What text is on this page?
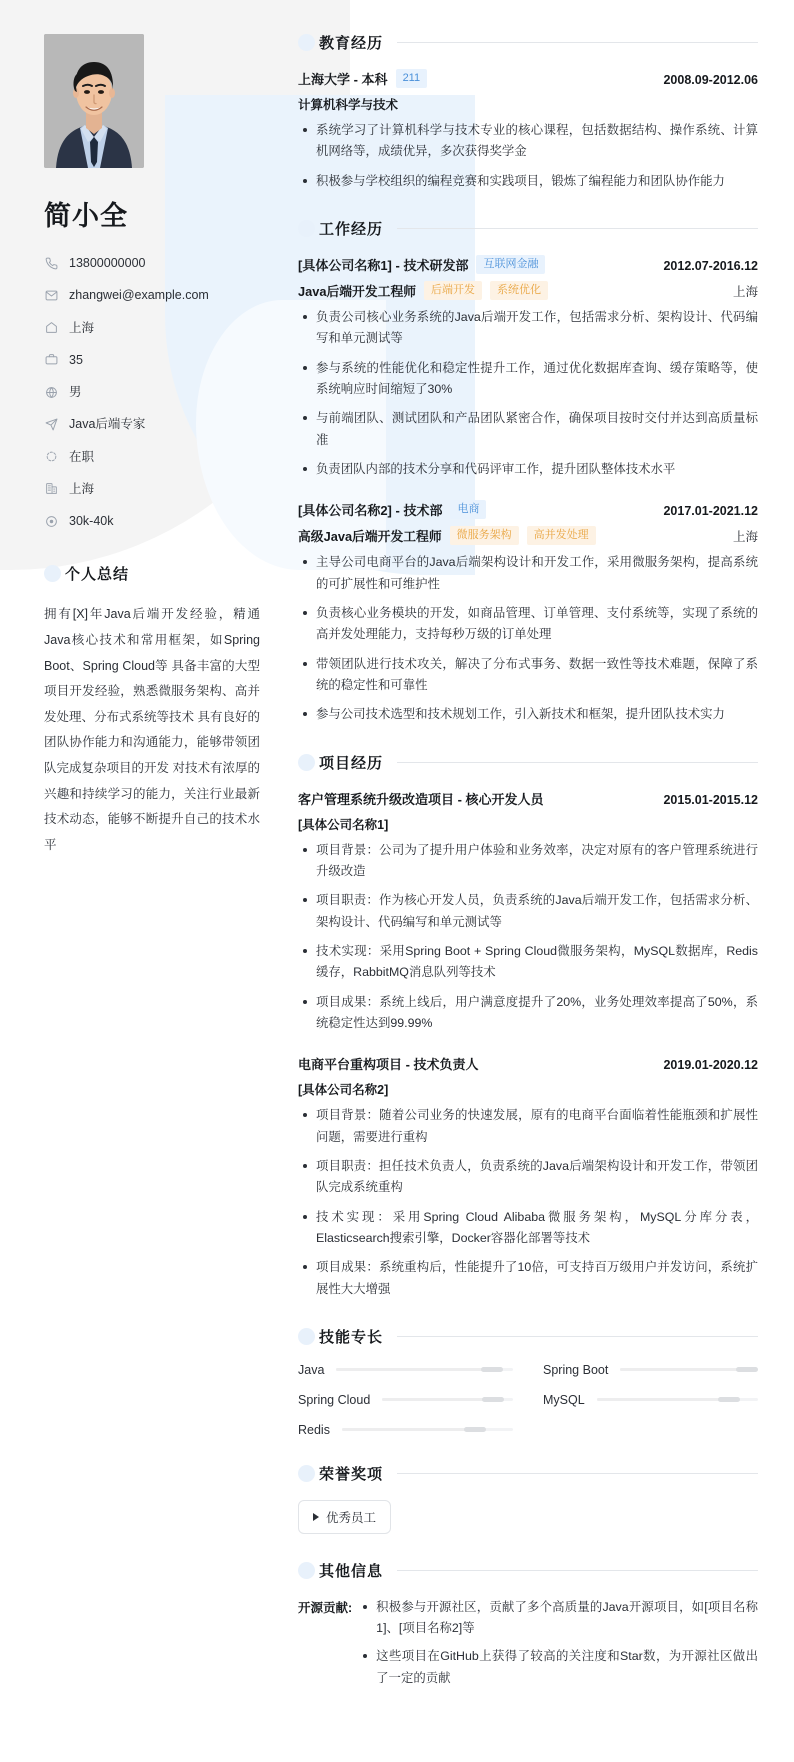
简小全
13800000000
zhangwei@example.com
上海
35
男
Java后端专家
在职
上海
30k-40k
个人总结

拥有[X]年Java后端开发经验，精通Java核心技术和常用框架，如Spring Boot、Spring Cloud等 具备丰富的大型项目开发经验，熟悉微服务架构、高并发处理、分布式系统等技术 具有良好的团队协作能力和沟通能力，能够带领团队完成复杂项目的开发 对技术有浓厚的兴趣和持续学习的能力，关注行业最新技术动态，能够不断提升自己的技术水平

教育经历
上海大学 - 本科	211	2008.09-2012.06
计算机科学与技术
系统学习了计算机科学与技术专业的核心课程，包括数据结构、操作系统、计算机网络等，成绩优异，多次获得奖学金
积极参与学校组织的编程竞赛和实践项目，锻炼了编程能力和团队协作能力
工作经历
[具体公司名称1] - 技术研发部	互联网金融	2012.07-2016.12
Java后端开发工程师	后端开发	系统优化	上海
负责公司核心业务系统的Java后端开发工作，包括需求分析、架构设计、代码编写和单元测试等
参与系统的性能优化和稳定性提升工作，通过优化数据库查询、缓存策略等，使系统响应时间缩短了30%
与前端团队、测试团队和产品团队紧密合作，确保项目按时交付并达到高质量标准
负责团队内部的技术分享和代码评审工作，提升团队整体技术水平
[具体公司名称2] - 技术部	电商	2017.01-2021.12
高级Java后端开发工程师	微服务架构	高并发处理	上海
主导公司电商平台的Java后端架构设计和开发工作，采用微服务架构，提高系统的可扩展性和可维护性
负责核心业务模块的开发，如商品管理、订单管理、支付系统等，实现了系统的高并发处理能力，支持每秒万级的订单处理
带领团队进行技术攻关，解决了分布式事务、数据一致性等技术难题，保障了系统的稳定性和可靠性
参与公司技术选型和技术规划工作，引入新技术和框架，提升团队技术实力
项目经历
客户管理系统升级改造项目 - 核心开发人员	2015.01-2015.12
[具体公司名称1]
项目背景：公司为了提升用户体验和业务效率，决定对原有的客户管理系统进行升级改造
项目职责：作为核心开发人员，负责系统的Java后端开发工作，包括需求分析、架构设计、代码编写和单元测试等
技术实现：采用Spring Boot + Spring Cloud微服务架构，MySQL数据库，Redis缓存，RabbitMQ消息队列等技术
项目成果：系统上线后，用户满意度提升了20%，业务处理效率提高了50%，系统稳定性达到99.99%
电商平台重构项目 - 技术负责人	2019.01-2020.12
[具体公司名称2]
项目背景：随着公司业务的快速发展，原有的电商平台面临着性能瓶颈和扩展性问题，需要进行重构
项目职责：担任技术负责人，负责系统的Java后端架构设计和开发工作，带领团队完成系统重构
技术实现：采用Spring Cloud Alibaba微服务架构，MySQL分库分表，Elasticsearch搜索引擎，Docker容器化部署等技术
项目成果：系统重构后，性能提升了10倍，可支持百万级用户并发访问，系统扩展性大大增强
技能专长
Java	Spring Boot
Spring Cloud	MySQL
Redis
荣誉奖项
优秀员工
其他信息
开源贡献:	积极参与开源社区，贡献了多个高质量的Java开源项目，如[项目名称1]、[项目名称2]等
这些项目在GitHub上获得了较高的关注度和Star数，为开源社区做出了一定的贡献
